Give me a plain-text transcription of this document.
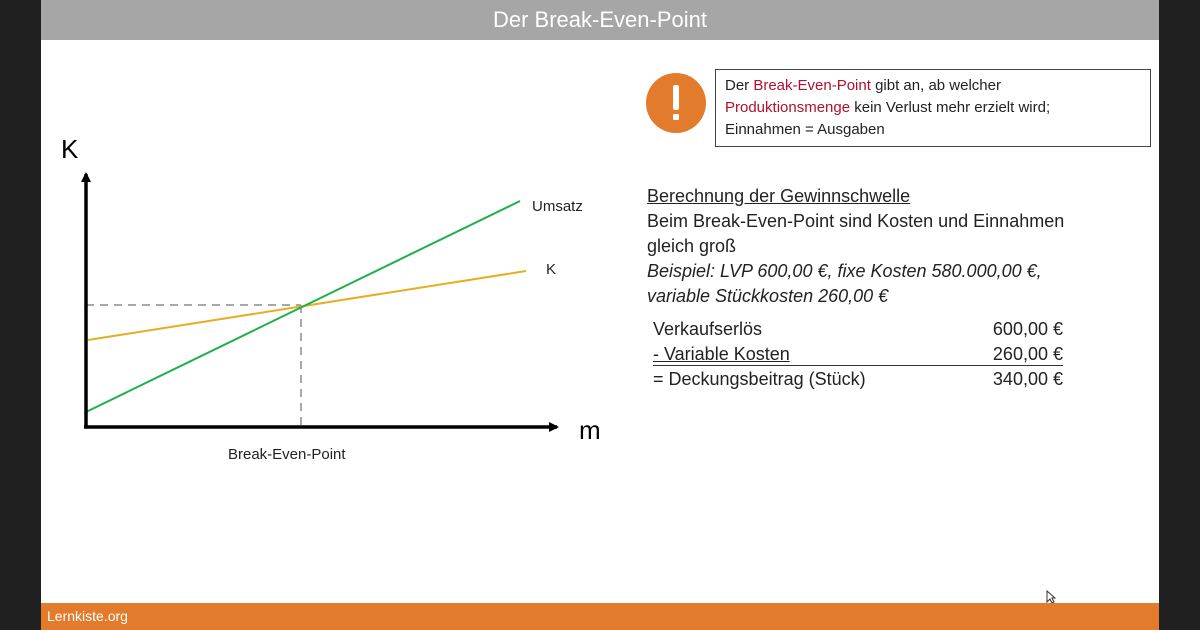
Der Break-Even-Point
K
m
Umsatz
K
Break-Even-Point
Der Break-Even-Point gibt an, ab welcher
Produktionsmenge kein Verlust mehr erzielt wird;
Einnahmen = Ausgaben
Berechnung der Gewinnschwelle
Beim Break-Even-Point sind Kosten und Einnahmen
gleich groß
Beispiel: LVP 600,00 €, fixe Kosten 580.000,00 €,
variable Stückkosten 260,00 €
Verkaufserlös	600,00 €
- Variable Kosten	260,00 €
= Deckungsbeitrag (Stück)	340,00 €
Lernkiste.org
